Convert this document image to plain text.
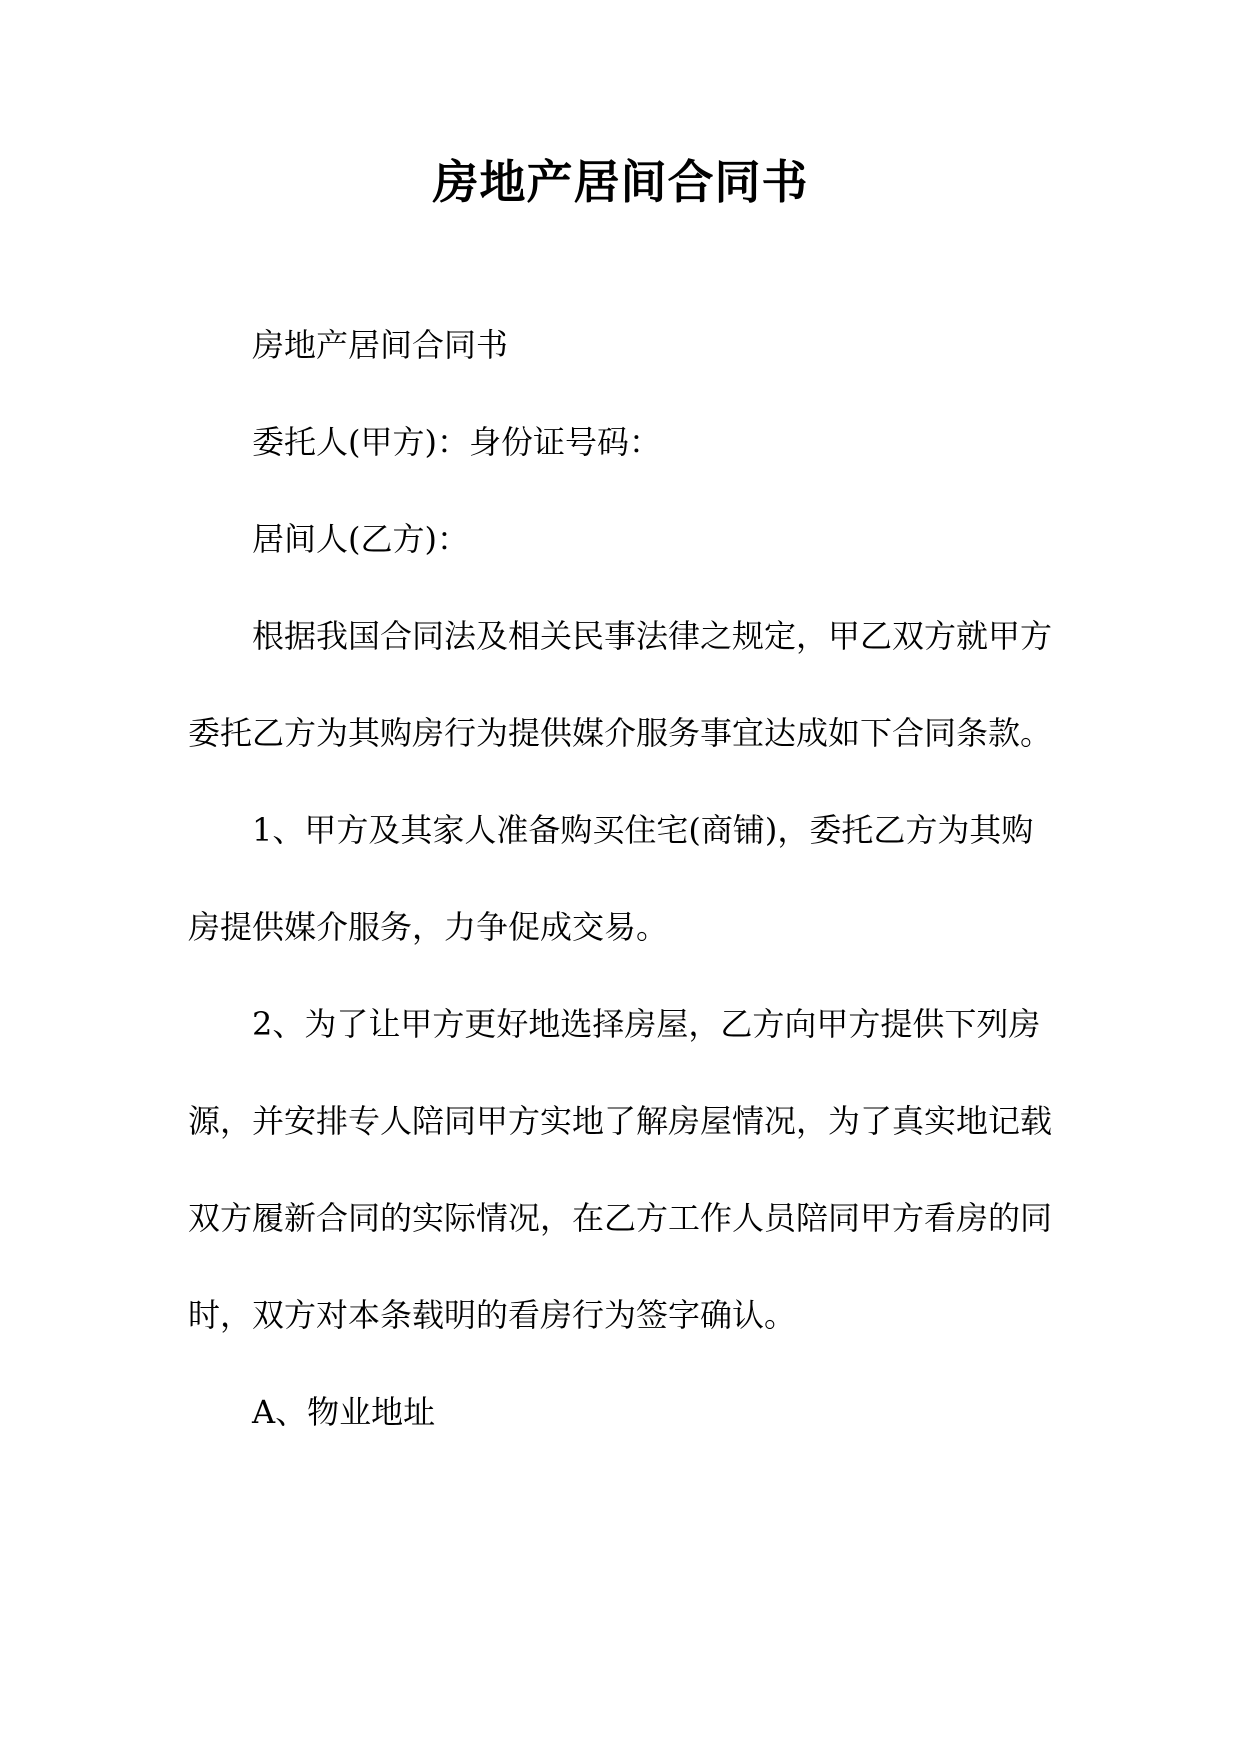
房地产居间合同书

房地产居间合同书

委托人(甲方)：身份证号码：

居间人(乙方)：

根据我国合同法及相关民事法律之规定，甲乙双方就甲方委托乙方为其购房行为提供媒介服务事宜达成如下合同条款。

1、甲方及其家人准备购买住宅(商铺)，委托乙方为其购房提供媒介服务，力争促成交易。

2、为了让甲方更好地选择房屋，乙方向甲方提供下列房源，并安排专人陪同甲方实地了解房屋情况，为了真实地记载双方履新合同的实际情况，在乙方工作人员陪同甲方看房的同时，双方对本条载明的看房行为签字确认。

A、物业地址
